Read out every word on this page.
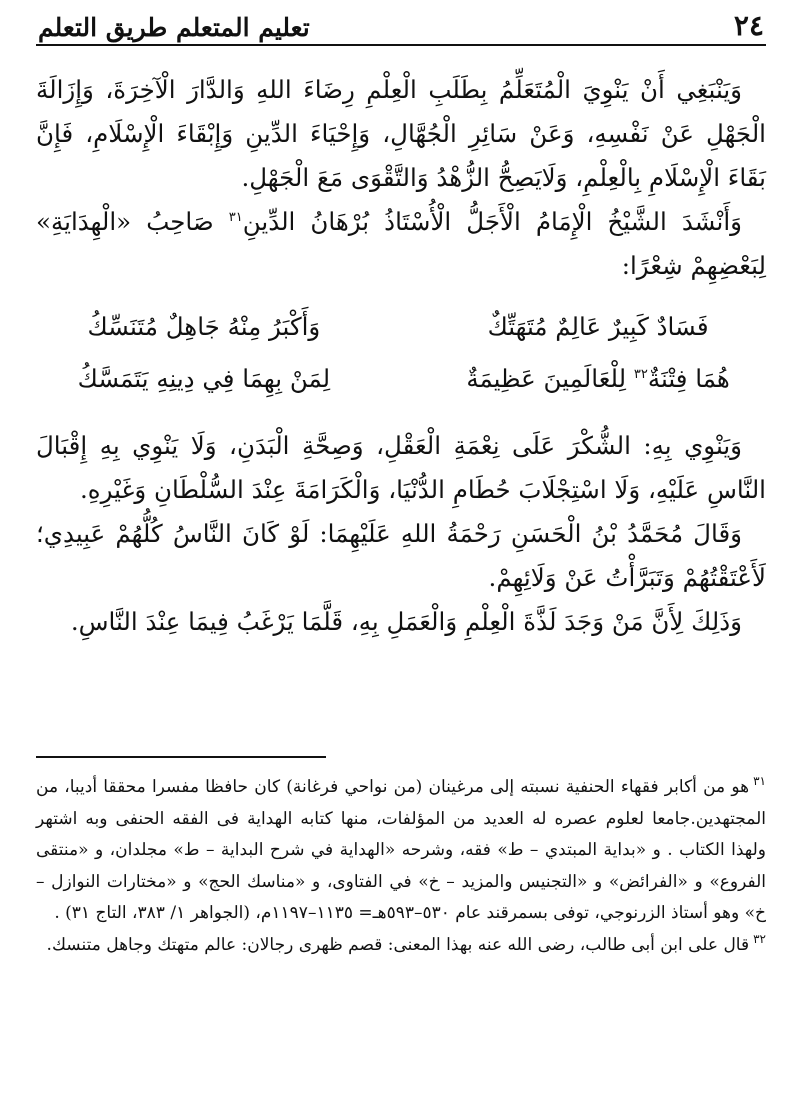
٢٤
تعليم المتعلم طريق التعلم

وَيَنْبَغِي أَنْ يَنْوِيَ الْمُتَعَلِّمُ بِطَلَبِ الْعِلْمِ رِضَاءَ اللهِ وَالدَّارَ الْآخِرَةَ، وَإِزَالَةَ الْجَهْلِ عَنْ نَفْسِهِ، وَعَنْ سَائِرِ الْجُهَّالِ، وَإِحْيَاءَ الدِّينِ وَإِبْقَاءَ الْإِسْلَامِ، فَإِنَّ بَقَاءَ الْإِسْلَامِ بِالْعِلْمِ، وَلَايَصِحُّ الزُّهْدُ وَالتَّقْوَى مَعَ الْجَهْلِ.

وَأَنْشَدَ الشَّيْخُ الْإِمَامُ الْأَجَلُّ الْأُسْتَاذُ بُرْهَانُ الدِّينِ$^{٣١}$ صَاحِبُ «الْهِدَايَةِ» لِبَعْضِهِمْ شِعْرًا:

فَسَادٌ كَبِيرٌ عَالِمٌ مُتَهَتِّكٌ
وَأَكْبَرُ مِنْهُ جَاهِلٌ مُتَنَسِّكُ
هُمَا فِتْنَةٌ$^{٣٢}$ لِلْعَالَمِينَ عَظِيمَةٌ
لِمَنْ بِهِمَا فِي دِينِهِ يَتَمَسَّكُ

وَيَنْوِي بِهِ: الشُّكْرَ عَلَى نِعْمَةِ الْعَقْلِ، وَصِحَّةِ الْبَدَنِ، وَلَا يَنْوِي بِهِ إِقْبَالَ النَّاسِ عَلَيْهِ، وَلَا اسْتِجْلَابَ حُطَامِ الدُّنْيَا، وَالْكَرَامَةَ عِنْدَ السُّلْطَانِ وَغَيْرِهِ.

وَقَالَ مُحَمَّدُ بْنُ الْحَسَنِ رَحْمَةُ اللهِ عَلَيْهِمَا: لَوْ كَانَ النَّاسُ كُلُّهُمْ عَبِيدِي؛ لَأَعْتَقْتُهُمْ وَتَبَرَّأْتُ عَنْ وَلَائِهِمْ.

وَذَلِكَ لِأَنَّ مَنْ وَجَدَ لَذَّةَ الْعِلْمِ وَالْعَمَلِ بِهِ، قَلَّمَا يَرْغَبُ فِيمَا عِنْدَ النَّاسِ.

$^{٣١}$هو من أكابر فقهاء الحنفية نسبته إلى مرغينان (من نواحي فرغانة) كان حافظا مفسرا محققا أديبا، من المجتهدين.جامعا لعلوم عصره له العديد من المؤلفات، منها كتابه الهداية فى الفقه الحنفى وبه اشتهر ولهذا الكتاب . و «بداية المبتدي – ط» فقه، وشرحه «الهداية في شرح البداية – ط» مجلدان، و «منتقى الفروع» و «الفرائض» و «التجنيس والمزيد – خ» في الفتاوى، و «مناسك الحج» و «مختارات النوازل – خ» وهو أستاذ الزرنوجي، توفى بسمرقند عام ٥٣٠–٥٩٣هـ= ١١٣٥–١١٩٧م، (الجواهر ١/ ٣٨٣، التاج ٣١) .

$^{٣٢}$قال على ابن أبى طالب، رضى الله عنه بهذا المعنى: قصم ظهرى رجالان: عالم متهتك وجاهل متنسك.
